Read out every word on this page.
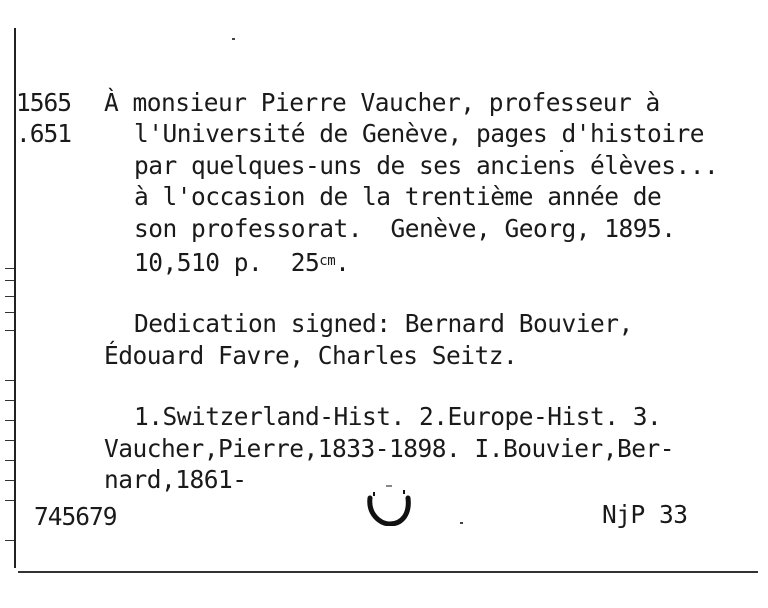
1565
.651
À monsieur Pierre Vaucher, professeur à
l'Université de Genève, pages d'histoire
par quelques-uns de ses anciens élèves...
à l'occasion de la trentième année de
son professorat.  Genève, Georg, 1895.
10,510 p.  $25^{cm}$.
Dedication signed: Bernard Bouvier,
Édouard Favre, Charles Seitz.
1.Switzerland-Hist. 2.Europe-Hist. 3.
Vaucher,Pierre,1833-1898. I.Bouvier,Ber-
nard,1861-
745679	NjP 33
